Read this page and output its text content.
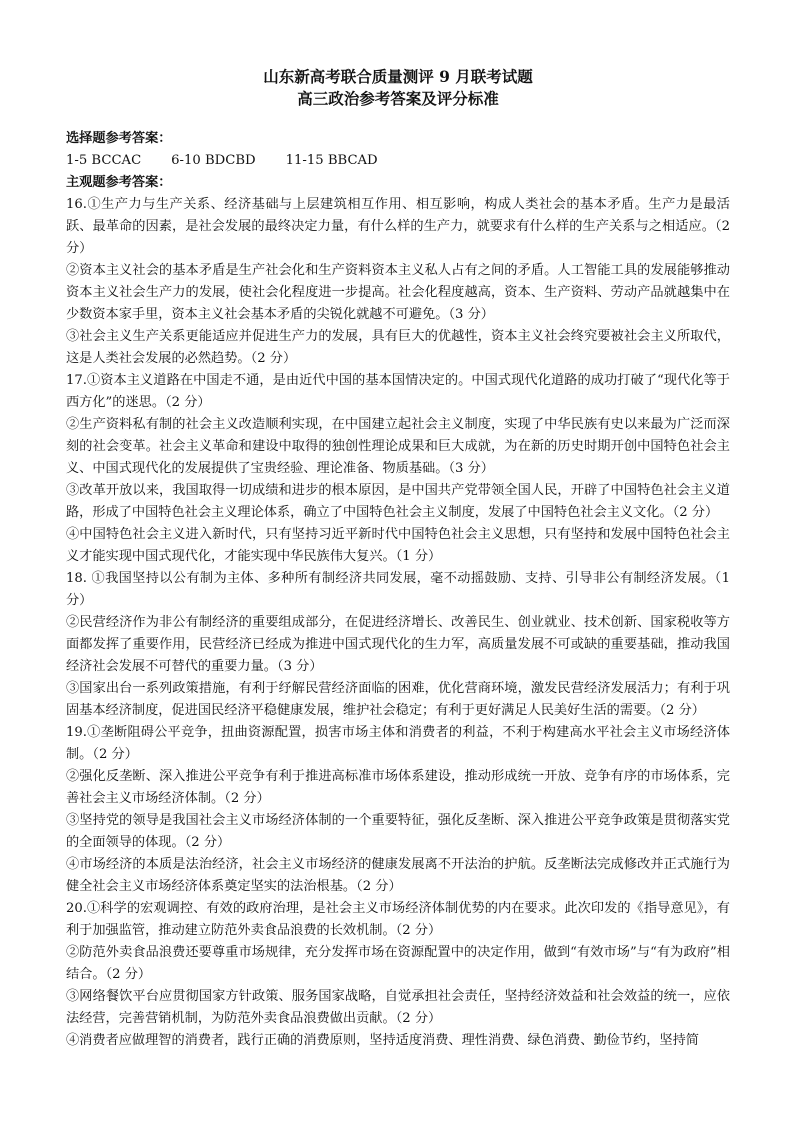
山东新高考联合质量测评 9 月联考试题
高三政治参考答案及评分标准

选择题参考答案：

1-5 BCCAC 6-10 BDCBD 11-15 BBCAD

主观题参考答案：

16.①生产力与生产关系、经济基础与上层建筑相互作用、相互影响，构成人类社会的基本矛盾。生产力是最活跃、最革命的因素，是社会发展的最终决定力量，有什么样的生产力，就要求有什么样的生产关系与之相适应。（2 分）

②资本主义社会的基本矛盾是生产社会化和生产资料资本主义私人占有之间的矛盾。人工智能工具的发展能够推动资本主义社会生产力的发展，使社会化程度进一步提高。社会化程度越高，资本、生产资料、劳动产品就越集中在少数资本家手里，资本主义社会基本矛盾的尖锐化就越不可避免。（3 分）

③社会主义生产关系更能适应并促进生产力的发展，具有巨大的优越性，资本主义社会终究要被社会主义所取代，这是人类社会发展的必然趋势。（2 分）

17.①资本主义道路在中国走不通，是由近代中国的基本国情决定的。中国式现代化道路的成功打破了“现代化等于西方化”的迷思。（2 分）

②生产资料私有制的社会主义改造顺利实现，在中国建立起社会主义制度，实现了中华民族有史以来最为广泛而深刻的社会变革。社会主义革命和建设中取得的独创性理论成果和巨大成就，为在新的历史时期开创中国特色社会主义、中国式现代化的发展提供了宝贵经验、理论准备、物质基础。（3 分）

③改革开放以来，我国取得一切成绩和进步的根本原因，是中国共产党带领全国人民，开辟了中国特色社会主义道路，形成了中国特色社会主义理论体系，确立了中国特色社会主义制度，发展了中国特色社会主义文化。（2 分）

④中国特色社会主义进入新时代，只有坚持习近平新时代中国特色社会主义思想，只有坚持和发展中国特色社会主义才能实现中国式现代化，才能实现中华民族伟大复兴。（1 分）

18. ①我国坚持以公有制为主体、多种所有制经济共同发展，毫不动摇鼓励、支持、引导非公有制经济发展。（1 分）

②民营经济作为非公有制经济的重要组成部分，在促进经济增长、改善民生、创业就业、技术创新、国家税收等方面都发挥了重要作用，民营经济已经成为推进中国式现代化的生力军，高质量发展不可或缺的重要基础，推动我国经济社会发展不可替代的重要力量。（3 分）

③国家出台一系列政策措施，有利于纾解民营经济面临的困难，优化营商环境，激发民营经济发展活力；有利于巩固基本经济制度，促进国民经济平稳健康发展，维护社会稳定；有利于更好满足人民美好生活的需要。（2 分）

19.①垄断阻碍公平竞争，扭曲资源配置，损害市场主体和消费者的利益，不利于构建高水平社会主义市场经济体制。（2 分）

②强化反垄断、深入推进公平竞争有利于推进高标准市场体系建设，推动形成统一开放、竞争有序的市场体系，完善社会主义市场经济体制。（2 分）

③坚持党的领导是我国社会主义市场经济体制的一个重要特征，强化反垄断、深入推进公平竞争政策是贯彻落实党的全面领导的体现。（2 分）

④市场经济的本质是法治经济，社会主义市场经济的健康发展离不开法治的护航。反垄断法完成修改并正式施行为健全社会主义市场经济体系奠定坚实的法治根基。（2 分）

20.①科学的宏观调控、有效的政府治理，是社会主义市场经济体制优势的内在要求。此次印发的《指导意见》，有利于加强监管，推动建立防范外卖食品浪费的长效机制。（2 分）

②防范外卖食品浪费还要尊重市场规律，充分发挥市场在资源配置中的决定作用，做到“有效市场”与“有为政府”相结合。（2 分）

③网络餐饮平台应贯彻国家方针政策、服务国家战略，自觉承担社会责任，坚持经济效益和社会效益的统一，应依法经营，完善营销机制，为防范外卖食品浪费做出贡献。（2 分）

④消费者应做理智的消费者，践行正确的消费原则，坚持适度消费、理性消费、绿色消费、勤俭节约，坚持简
